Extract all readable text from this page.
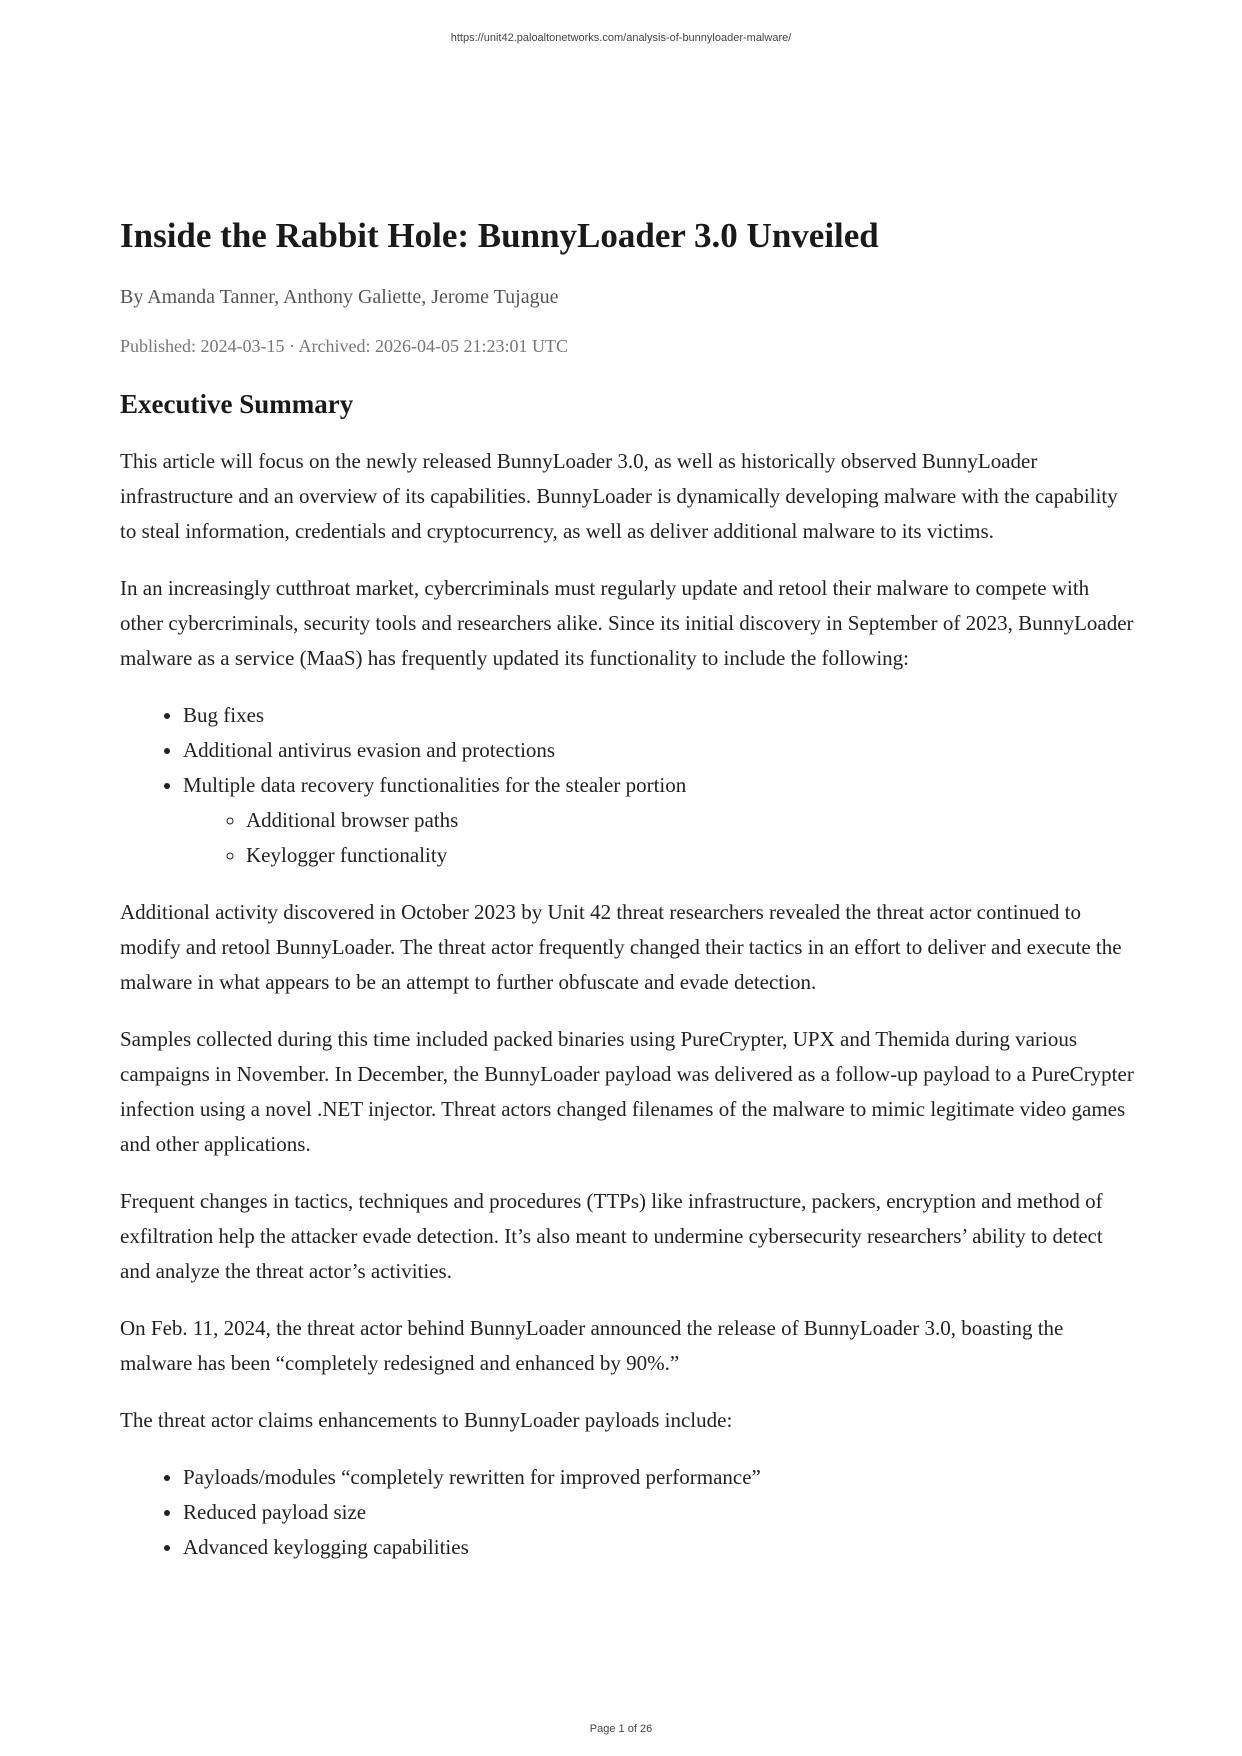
https://unit42.paloaltonetworks.com/analysis-of-bunnyloader-malware/
Inside the Rabbit Hole: BunnyLoader 3.0 Unveiled
By Amanda Tanner, Anthony Galiette, Jerome Tujague
Published: 2024-03-15 · Archived: 2026-04-05 21:23:01 UTC
Executive Summary

This article will focus on the newly released BunnyLoader 3.0, as well as historically observed BunnyLoader infrastructure and an overview of its capabilities. BunnyLoader is dynamically developing malware with the capability to steal information, credentials and cryptocurrency, as well as deliver additional malware to its victims.

In an increasingly cutthroat market, cybercriminals must regularly update and retool their malware to compete with other cybercriminals, security tools and researchers alike. Since its initial discovery in September of 2023, BunnyLoader malware as a service (MaaS) has frequently updated its functionality to include the following:

• Bug fixes
• Additional antivirus evasion and protections
• Multiple data recovery functionalities for the stealer portion
◦ Additional browser paths
◦ Keylogger functionality

Additional activity discovered in October 2023 by Unit 42 threat researchers revealed the threat actor continued to modify and retool BunnyLoader. The threat actor frequently changed their tactics in an effort to deliver and execute the malware in what appears to be an attempt to further obfuscate and evade detection.

Samples collected during this time included packed binaries using PureCrypter, UPX and Themida during various campaigns in November. In December, the BunnyLoader payload was delivered as a follow-up payload to a PureCrypter infection using a novel .NET injector. Threat actors changed filenames of the malware to mimic legitimate video games and other applications.

Frequent changes in tactics, techniques and procedures (TTPs) like infrastructure, packers, encryption and method of exfiltration help the attacker evade detection. It’s also meant to undermine cybersecurity researchers’ ability to detect and analyze the threat actor’s activities.

On Feb. 11, 2024, the threat actor behind BunnyLoader announced the release of BunnyLoader 3.0, boasting the malware has been “completely redesigned and enhanced by 90%.”

The threat actor claims enhancements to BunnyLoader payloads include:

• Payloads/modules “completely rewritten for improved performance”
• Reduced payload size
• Advanced keylogging capabilities
Page 1 of 26
